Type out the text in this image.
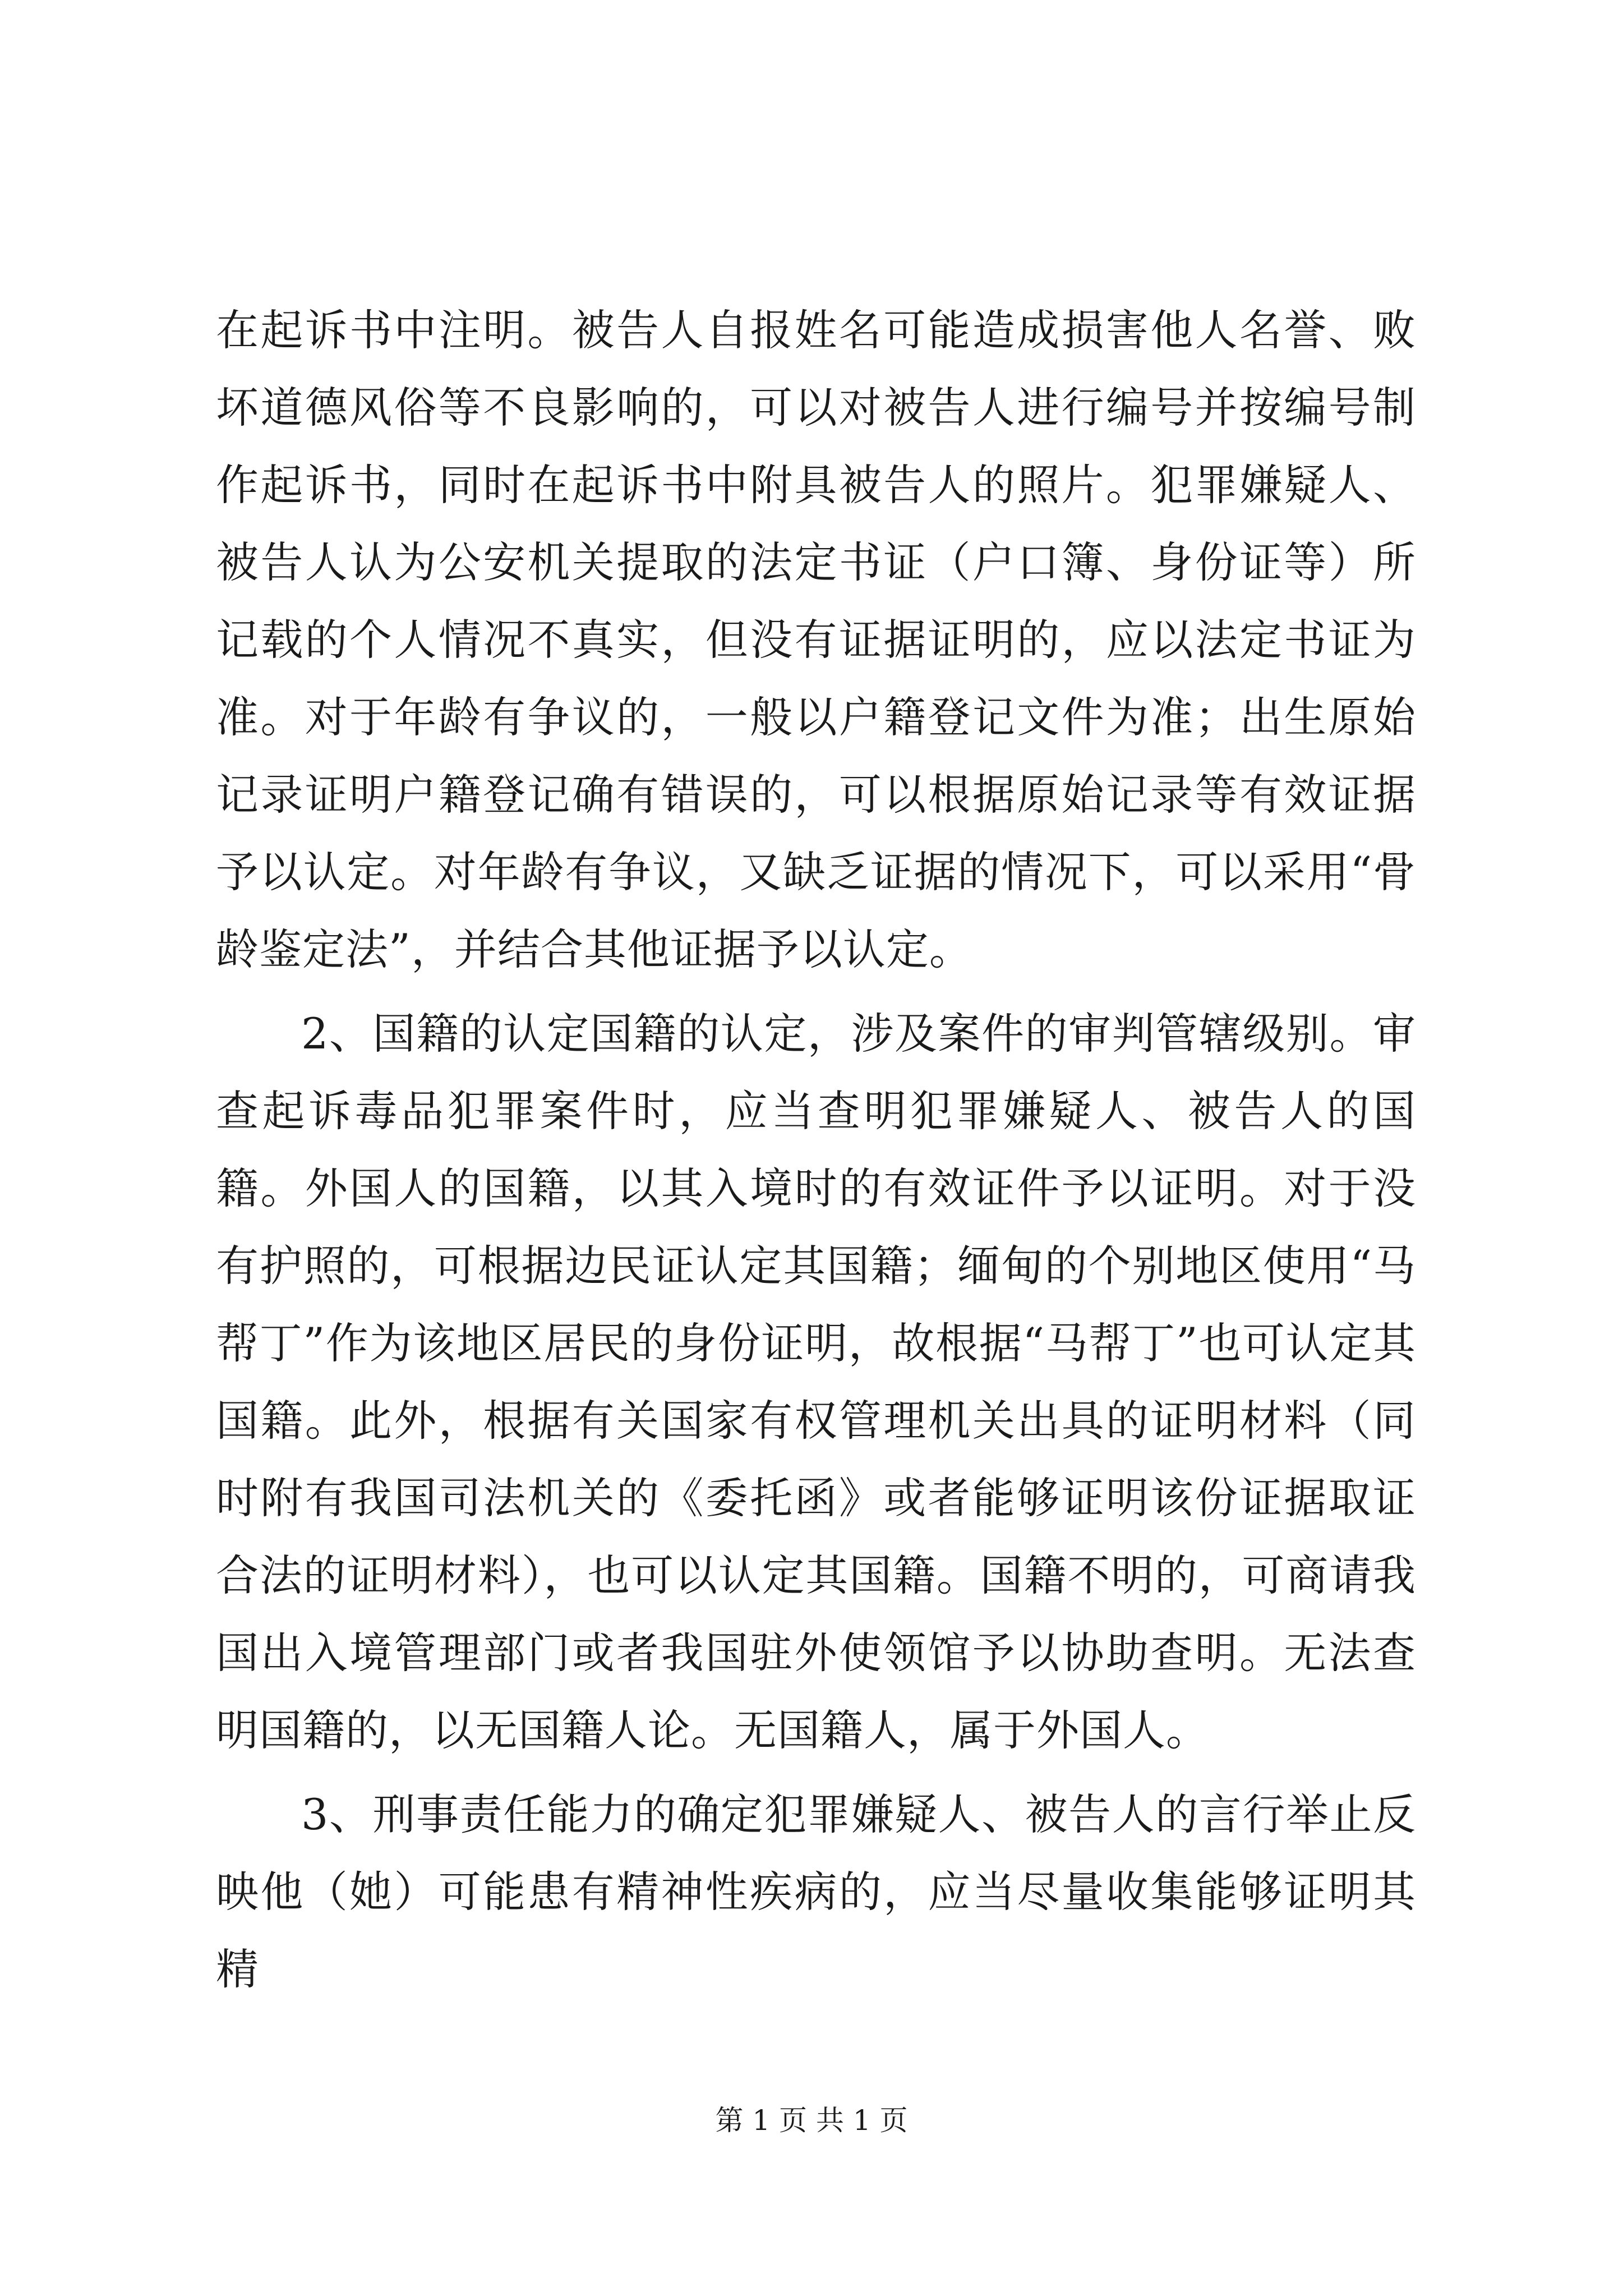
在起诉书中注明。被告人自报姓名可能造成损害他人名誉、败坏道德风俗等不良影响的，可以对被告人进行编号并按编号制作起诉书，同时在起诉书中附具被告人的照片。犯罪嫌疑人、被告人认为公安机关提取的法定书证（户口簿、身份证等）所记载的个人情况不真实，但没有证据证明的，应以法定书证为准。对于年龄有争议的，一般以户籍登记文件为准；出生原始记录证明户籍登记确有错误的，可以根据原始记录等有效证据予以认定。对年龄有争议，又缺乏证据的情况下，可以采用“骨龄鉴定法”，并结合其他证据予以认定。

2、国籍的认定国籍的认定，涉及案件的审判管辖级别。审查起诉毒品犯罪案件时，应当查明犯罪嫌疑人、被告人的国籍。外国人的国籍，以其入境时的有效证件予以证明。对于没有护照的，可根据边民证认定其国籍；缅甸的个别地区使用“马帮丁”作为该地区居民的身份证明，故根据“马帮丁”也可认定其国籍。此外，根据有关国家有权管理机关出具的证明材料（同时附有我国司法机关的《委托函》或者能够证明该份证据取证合法的证明材料），也可以认定其国籍。国籍不明的，可商请我国出入境管理部门或者我国驻外使领馆予以协助查明。无法查明国籍的，以无国籍人论。无国籍人，属于外国人。

3、刑事责任能力的确定犯罪嫌疑人、被告人的言行举止反映他（她）可能患有精神性疾病的，应当尽量收集能够证明其精

第 1 页 共 1 页
